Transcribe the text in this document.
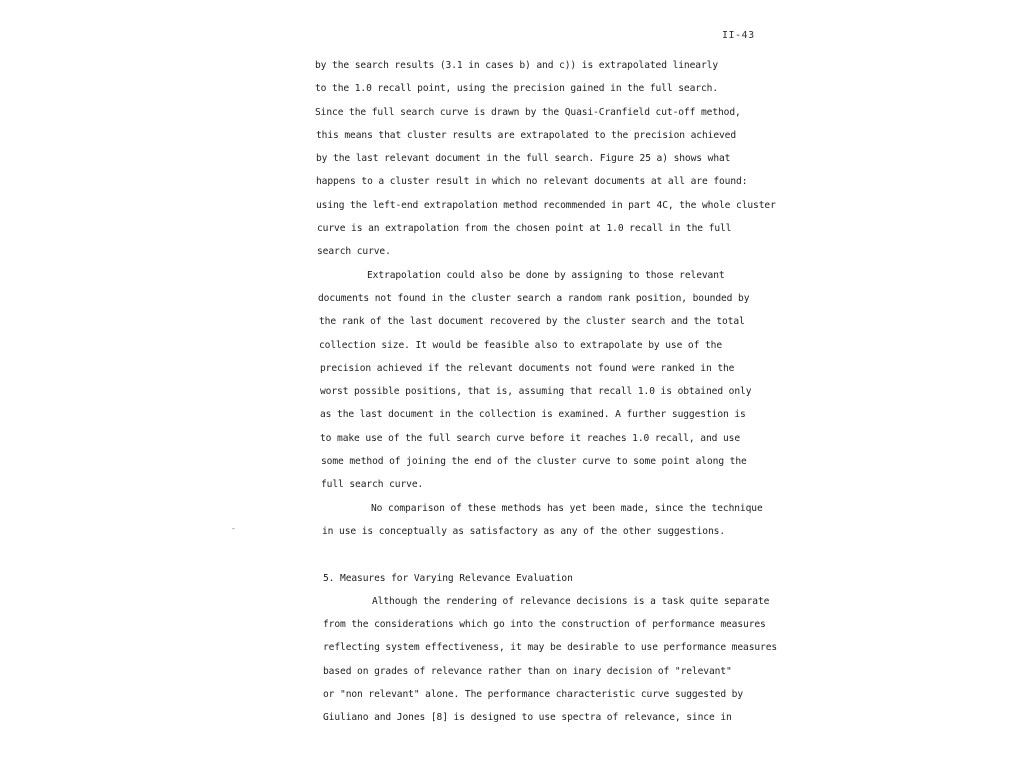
II-43
-
by the search results (3.1 in cases b) and c)) is extrapolated linearly
to the 1.0 recall point, using the precision gained in the full search.
Since the full search curve is drawn by the Quasi-Cranfield cut-off method,
this means that cluster results are extrapolated to the precision achieved
by the last relevant document in the full search. Figure 25 a) shows what
happens to a cluster result in which no relevant documents at all are found:
using the left-end extrapolation method recommended in part 4C, the whole cluster
curve is an extrapolation from the chosen point at 1.0 recall in the full
search curve.
Extrapolation could also be done by assigning to those relevant
documents not found in the cluster search a random rank position, bounded by
the rank of the last document recovered by the cluster search and the total
collection size. It would be feasible also to extrapolate by use of the
precision achieved if the relevant documents not found were ranked in the
worst possible positions, that is, assuming that recall 1.0 is obtained only
as the last document in the collection is examined. A further suggestion is
to make use of the full search curve before it reaches 1.0 recall, and use
some method of joining the end of the cluster curve to some point along the
full search curve.
No comparison of these methods has yet been made, since the technique
in use is conceptually as satisfactory as any of the other suggestions.
5. Measures for Varying Relevance Evaluation
Although the rendering of relevance decisions is a task quite separate
from the considerations which go into the construction of performance measures
reflecting system effectiveness, it may be desirable to use performance measures
based on grades of relevance rather than on inary decision of "relevant"
or "non relevant" alone. The performance characteristic curve suggested by
Giuliano and Jones [8] is designed to use spectra of relevance, since in
